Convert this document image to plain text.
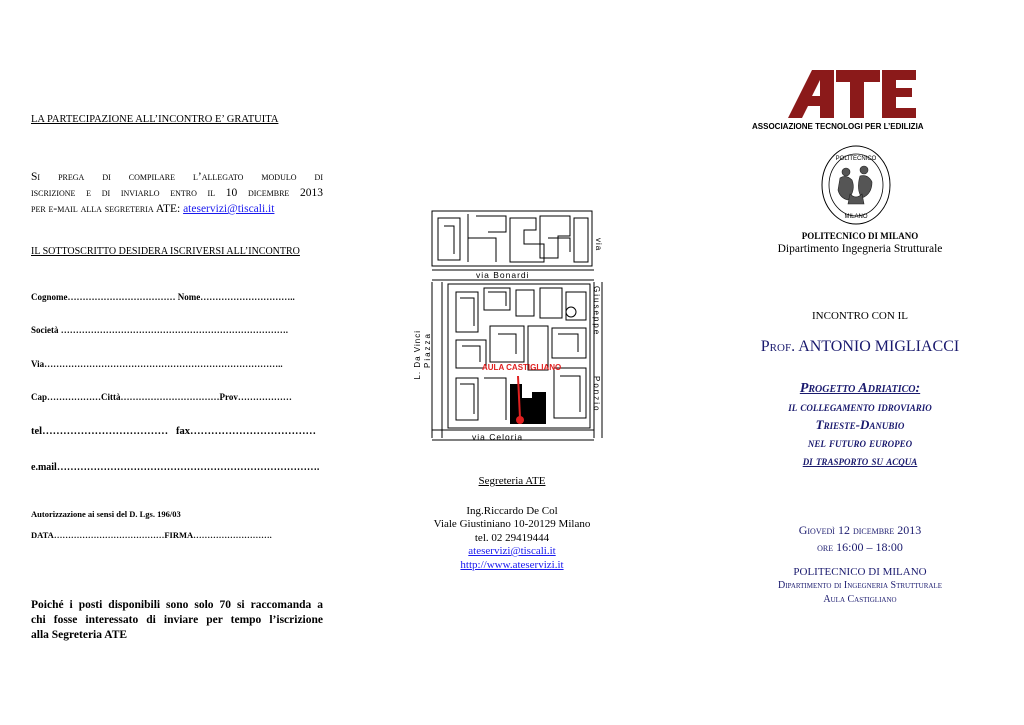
LA PARTECIPAZIONE ALL’INCONTRO E’ GRATUITA
Si prega di compilare l’allegato modulo di
iscrizione e di inviarlo entro il 10 dicembre 2013
per e-mail alla segreteria ATE: ateservizi@tiscali.it
IL SOTTOSCRITTO DESIDERA ISCRIVERSI ALL’INCONTRO
Cognome……………………………… Nome…………………………..
Società ………………………………………………………………….
Via……………………………………………………………………..
Cap………………Città……………………………Prov………………
tel……………………………… fax………………………………
e.mail…………………………………………………………………….
Autorizzazione ai sensi del D. Lgs. 196/03
DATA…………………………………FIRMA……………………….
Poiché i posti disponibili sono solo 70 si raccomanda a
chi fosse interessato di inviare per tempo l’iscrizione
alla Segreteria ATE
via Bonardi
via
Giuseppe
Ponzio
L. Da Vinci Piazza
via Celoria
AULA CASTIGLIANO
Segreteria ATE
Ing.Riccardo De Col
Viale Giustiniano 10-20129 Milano
tel. 02 29419444
ateservizi@tiscali.it
http://www.ateservizi.it
ASSOCIAZIONE TECNOLOGI PER L’EDILIZIA
POLITECNICO
MILANO
POLITECNICO DI MILANO
Dipartimento Ingegneria Strutturale
INCONTRO CON IL
Prof. ANTONIO MIGLIACCI
Progetto Adriatico:
il collegamento idroviario
Trieste-Danubio
nel futuro europeo
di trasporto su acqua
Giovedì 12 dicembre 2013
ore 16:00 – 18:00
POLITECNICO DI MILANO
Dipartimento di Ingegneria Strutturale
Aula Castigliano
